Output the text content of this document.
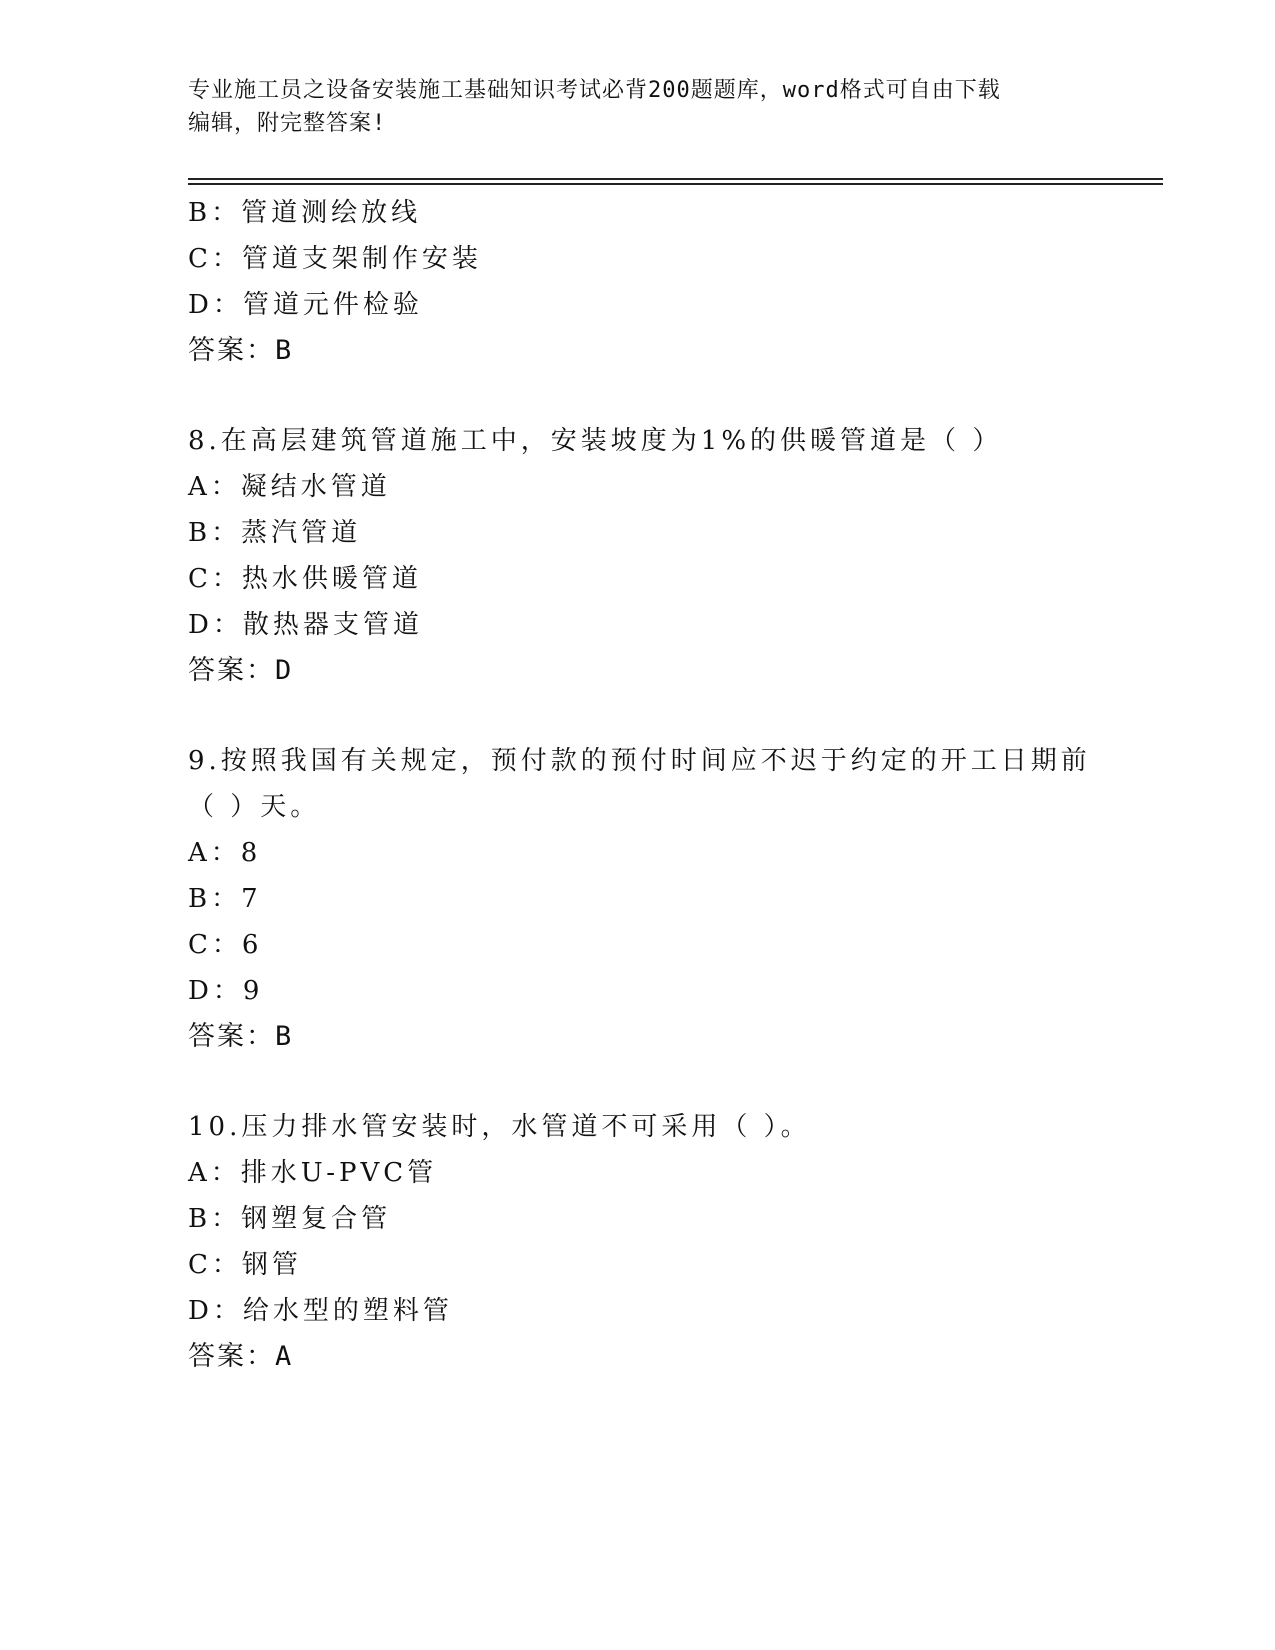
专业施工员之设备安装施工基础知识考试必背200题题库，word格式可自由下载
编辑，附完整答案!
B：管道测绘放线
C：管道支架制作安装
D：管道元件检验
答案：B
8.在高层建筑管道施工中，安装坡度为1%的供暖管道是（ ）
A：凝结水管道
B：蒸汽管道
C：热水供暖管道
D：散热器支管道
答案：D
9.按照我国有关规定，预付款的预付时间应不迟于约定的开工日期前
（ ）天。
A：8
B：7
C：6
D：9
答案：B
10.压力排水管安装时，水管道不可采用（ ）。
A：排水U-PVC管
B：钢塑复合管
C：钢管
D：给水型的塑料管
答案：A
